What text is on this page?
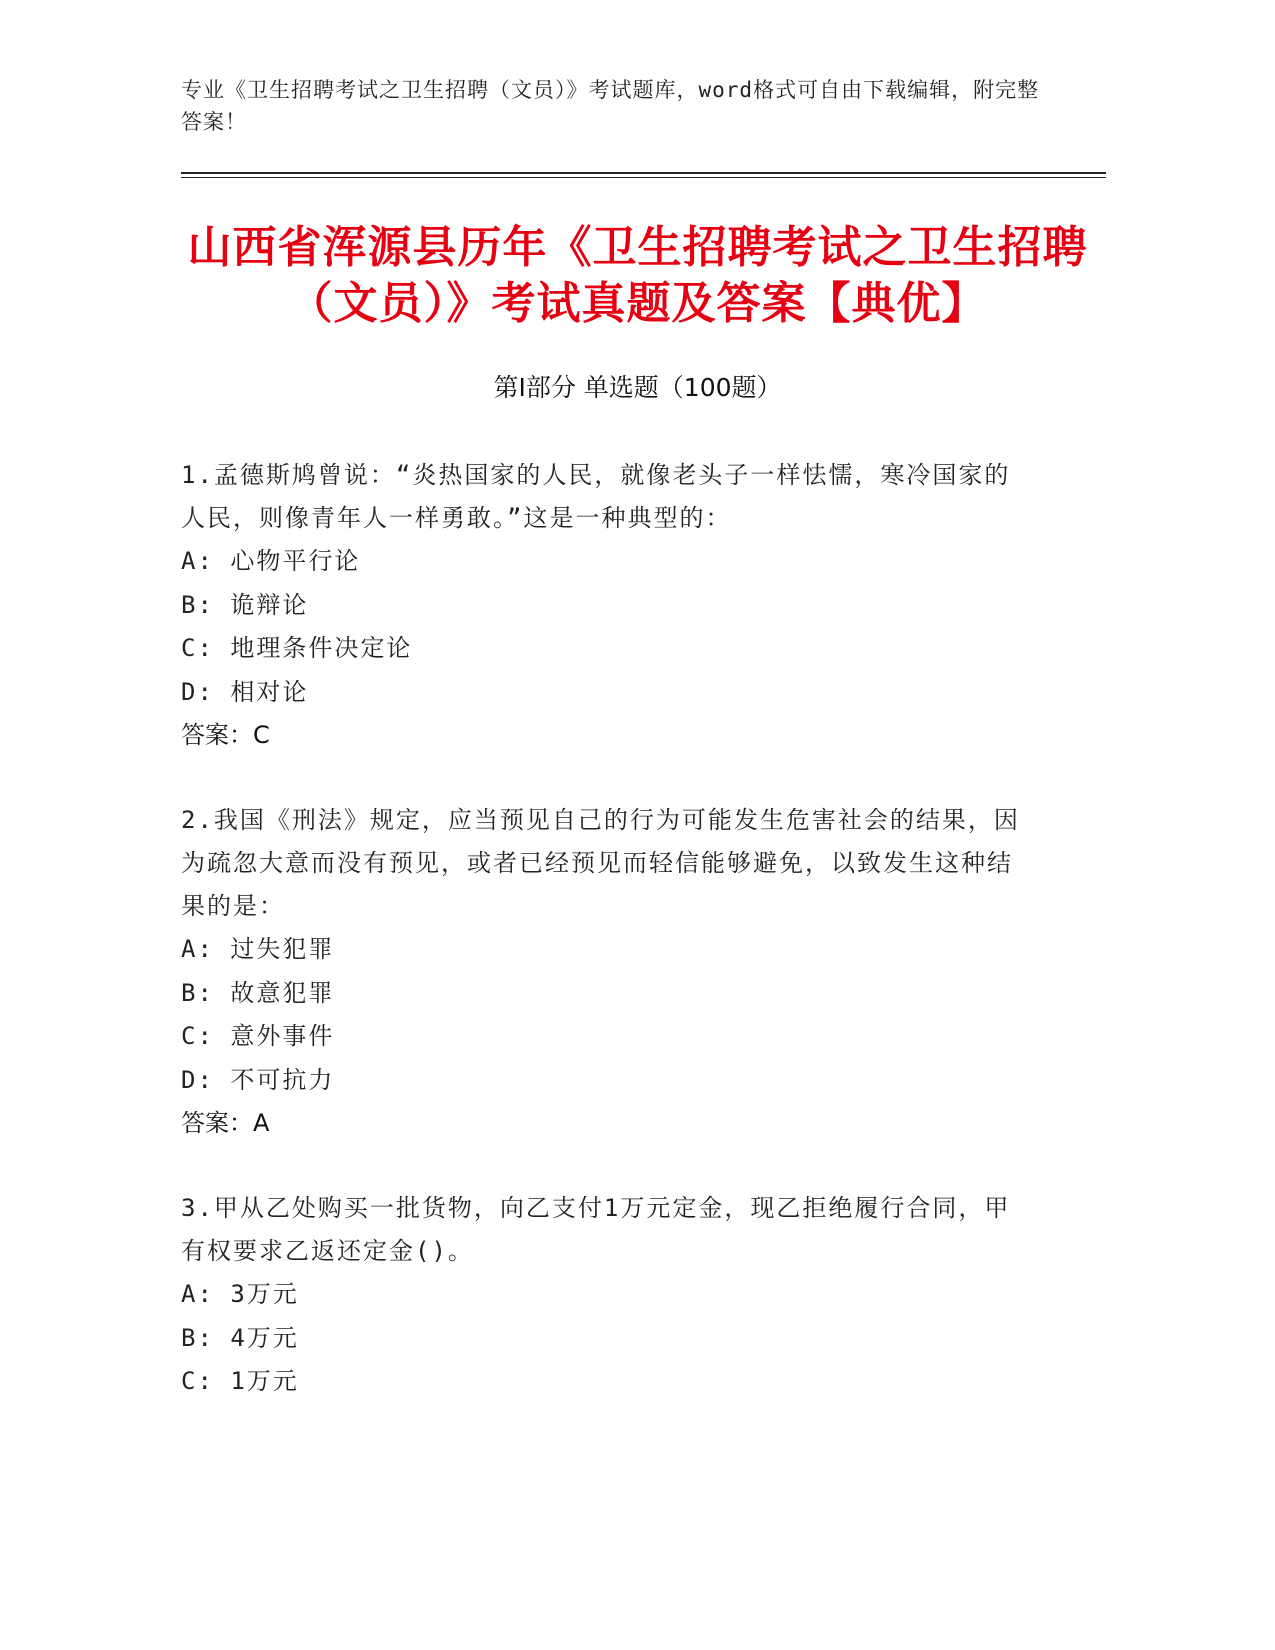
专业《卫生招聘考试之卫生招聘（文员）》考试题库，word格式可自由下载编辑，附完整答案！
山西省浑源县历年《卫生招聘考试之卫生招聘（文员）》考试真题及答案【典优】
第I部分 单选题（100题）
1.孟德斯鸠曾说：“炎热国家的人民，就像老头子一样怯懦，寒冷国家的人民，则像青年人一样勇敢。”这是一种典型的：
A: 心物平行论
B: 诡辩论
C: 地理条件决定论
D: 相对论
答案：C
2.我国《刑法》规定，应当预见自己的行为可能发生危害社会的结果，因为疏忽大意而没有预见，或者已经预见而轻信能够避免，以致发生这种结果的是：
A: 过失犯罪
B: 故意犯罪
C: 意外事件
D: 不可抗力
答案：A
3.甲从乙处购买一批货物，向乙支付1万元定金，现乙拒绝履行合同，甲有权要求乙返还定金()。
A: 3万元
B: 4万元
C: 1万元
